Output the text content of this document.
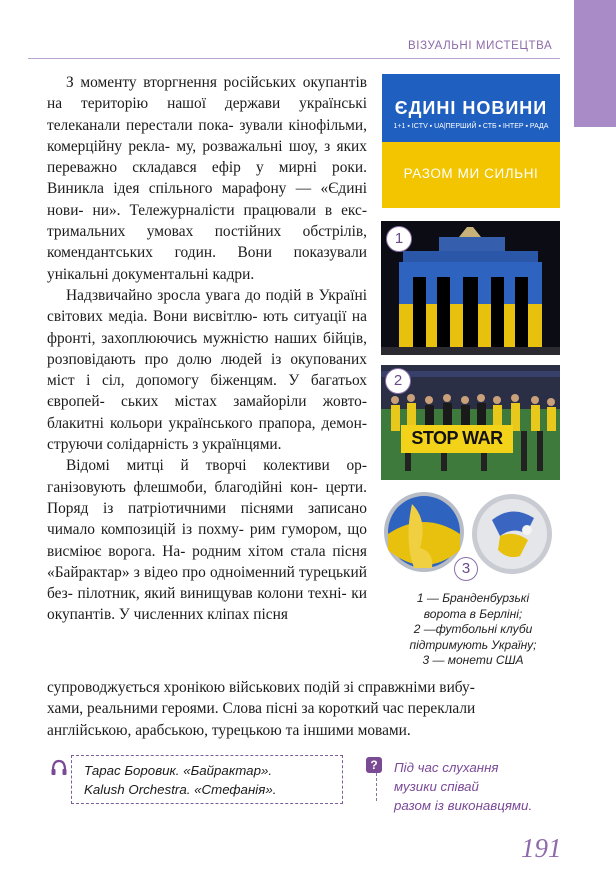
ВІЗУАЛЬНІ МИСТЕЦТВА

З моменту вторгнення російських окупантів на територію нашої держави українські телеканали перестали пока- зували кінофільми, комерційну рекла- му, розважальні шоу, з яких переважно складався ефір у мирні роки. Виникла ідея спільного марафону — «Єдині нови- ни». Тележурналісти працювали в екс- тримальних умовах постійних обстрілів, комендантських годин. Вони показували унікальні документальні кадри.

Надзвичайно зросла увага до подій в Україні світових медіа. Вони висвітлю- ють ситуації на фронті, захоплюючись мужністю наших бійців, розповідають про долю людей із окупованих міст і сіл, допомогу біженцям. У багатьох європей- ських містах замайоріли жовто-блакитні кольори українського прапора, демон- струючи солідарність з українцями.

Відомі митці й творчі колективи ор- ганізовують флешмоби, благодійні кон- церти. Поряд із патріотичними піснями записано чимало композицій із похму- рим гумором, що висміює ворога. На- родним хітом стала пісня «Байрактар» з відео про одноіменний турецький без- пілотник, який винищував колони техні- ки окупантів. У численних кліпах пісня

супроводжується хронікою військових подій зі справжніми вибу-
хами, реальними героями. Слова пісні за короткий час переклали
англійською, арабською, турецькою та іншими мовами.
ЄДИНІ НОВИНИ
1+1 ▪ ICTV ▪ UA|ПЕРШИЙ ▪ СТБ ▪ ІНТЕР ▪ РАДА
РАЗОМ МИ СИЛЬНІ
1
STOP WAR
2
3
1 — Бранденбурзькі
ворота в Берліні;
2 —футбольні клуби
підтримують Україну;
3 — монети США
Тарас Боровик. «Байрактар».
Kalush Orchestra. «Стефанія».
?	Під час слухання
музики співай
разом із виконавцями.
191
